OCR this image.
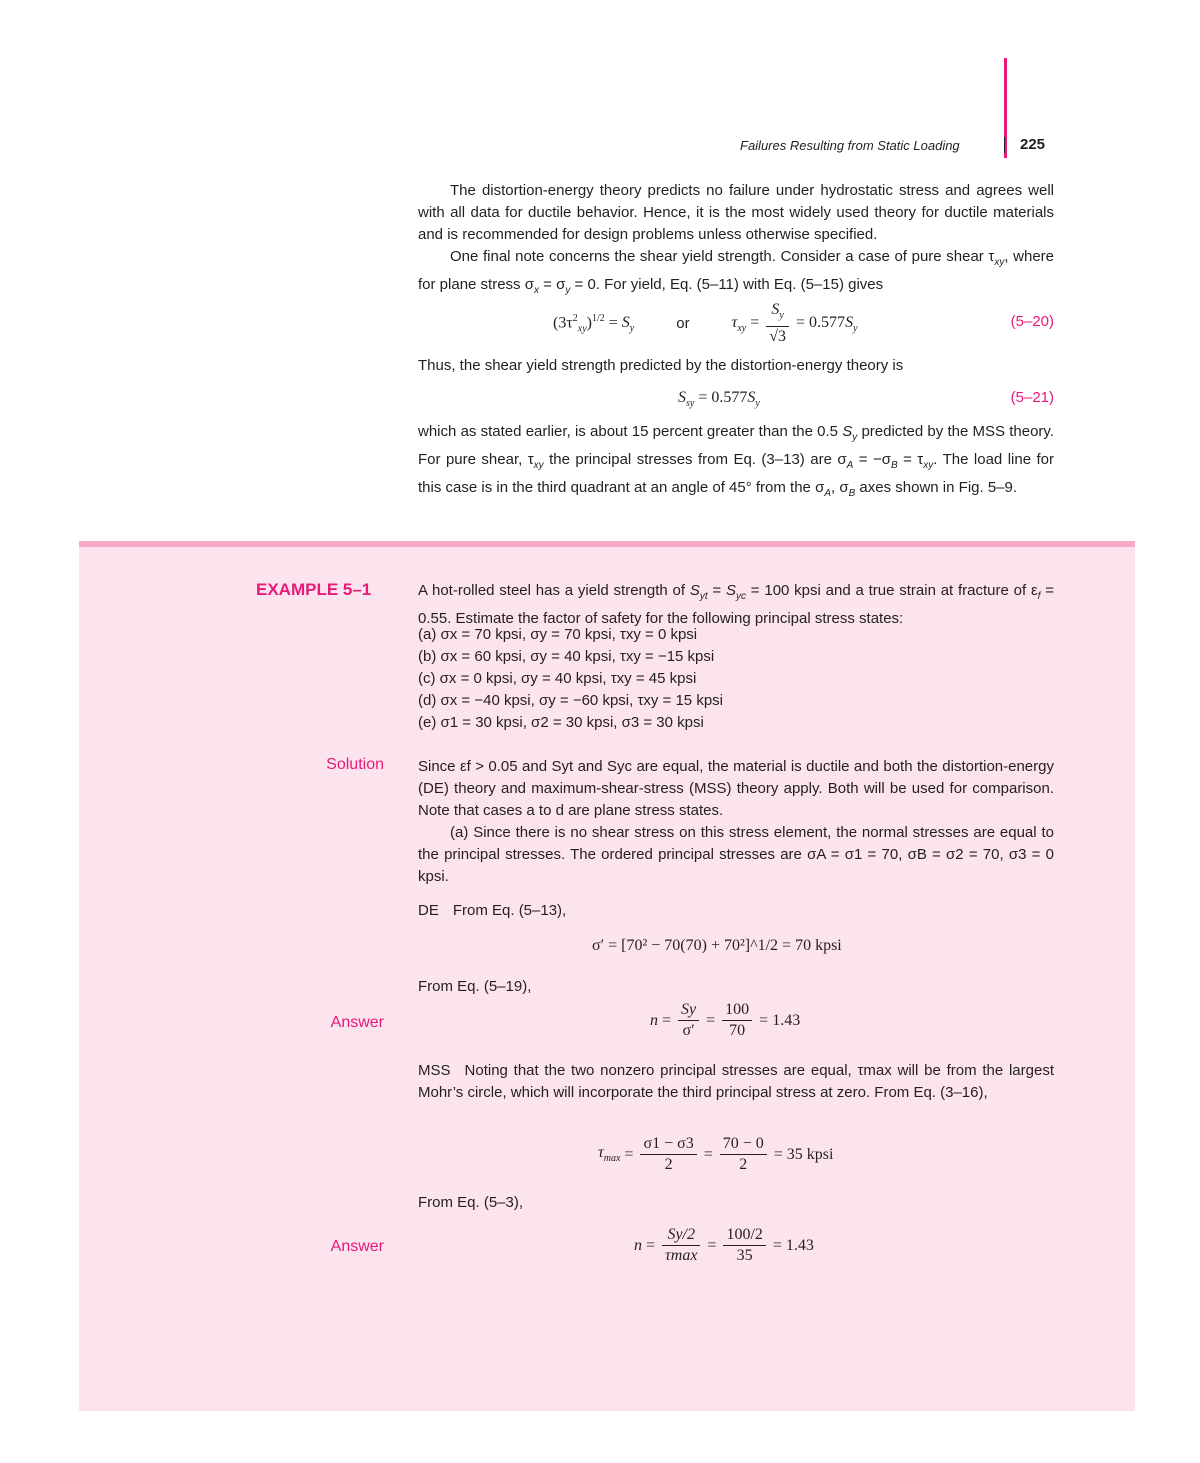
Failures Resulting from Static Loading	225
The distortion-energy theory predicts no failure under hydrostatic stress and agrees well with all data for ductile behavior. Hence, it is the most widely used theory for ductile materials and is recommended for design problems unless otherwise specified.
One final note concerns the shear yield strength. Consider a case of pure shear $\tau_{xy}$, where for plane stress $\sigma_x = \sigma_y = 0$. For yield, Eq. (5–11) with Eq. (5–15) gives
$(3\tau^2_{xy})^{1/2} = S_y$	or	$\tau_{xy} = \frac{S_y}{√3} = 0.577S_y$	(5–20)
Thus, the shear yield strength predicted by the distortion-energy theory is
$S_{sy} = 0.577S_y$	(5–21)
which as stated earlier, is about 15 percent greater than the 0.5 $S_y$ predicted by the MSS theory. For pure shear, $\tau_{xy}$ the principal stresses from Eq. (3–13) are $\sigma_A = -\sigma_B = \tau_{xy}$. The load line for this case is in the third quadrant at an angle of 45° from the $\sigma_A$, $\sigma_B$ axes shown in Fig. 5–9.
EXAMPLE 5–1	A hot-rolled steel has a yield strength of $S_{yt} = S_{yc} = 100$ kpsi and a true strain at fracture of $\varepsilon_f = 0.55$. Estimate the factor of safety for the following principal stress states:
(a) σx = 70 kpsi, σy = 70 kpsi, τxy = 0 kpsi
(b) σx = 60 kpsi, σy = 40 kpsi, τxy = −15 kpsi
(c) σx = 0 kpsi, σy = 40 kpsi, τxy = 45 kpsi
(d) σx = −40 kpsi, σy = −60 kpsi, τxy = 15 kpsi
(e) σ1 = 30 kpsi, σ2 = 30 kpsi, σ3 = 30 kpsi
Solution Since εf > 0.05 and Syt and Syc are equal, the material is ductile and both the distortion-energy (DE) theory and maximum-shear-stress (MSS) theory apply. Both will be used for comparison. Note that cases a to d are plane stress states.
(a) Since there is no shear stress on this stress element, the normal stresses are equal to the principal stresses. The ordered principal stresses are σA = σ1 = 70, σB = σ2 = 70, σ3 = 0 kpsi.
DE From Eq. (5–13),
σ′ = [70² − 70(70) + 70²]^1/2 = 70 kpsi
From Eq. (5–19),
Answer	$n = \frac{Sy}{\sigma'} = \frac{100}{70} = 1.43$
MSS Noting that the two nonzero principal stresses are equal, τmax will be from the largest Mohr’s circle, which will incorporate the third principal stress at zero. From Eq. (3–16),
$\tau_{max} = \frac{\sigma 1 - \sigma 3}{2} = \frac{70 - 0}{2} = 35$ kpsi
From Eq. (5–3),
Answer	$n = \frac{Sy/2}{\tau\max} = \frac{100/2}{35} = 1.43$
